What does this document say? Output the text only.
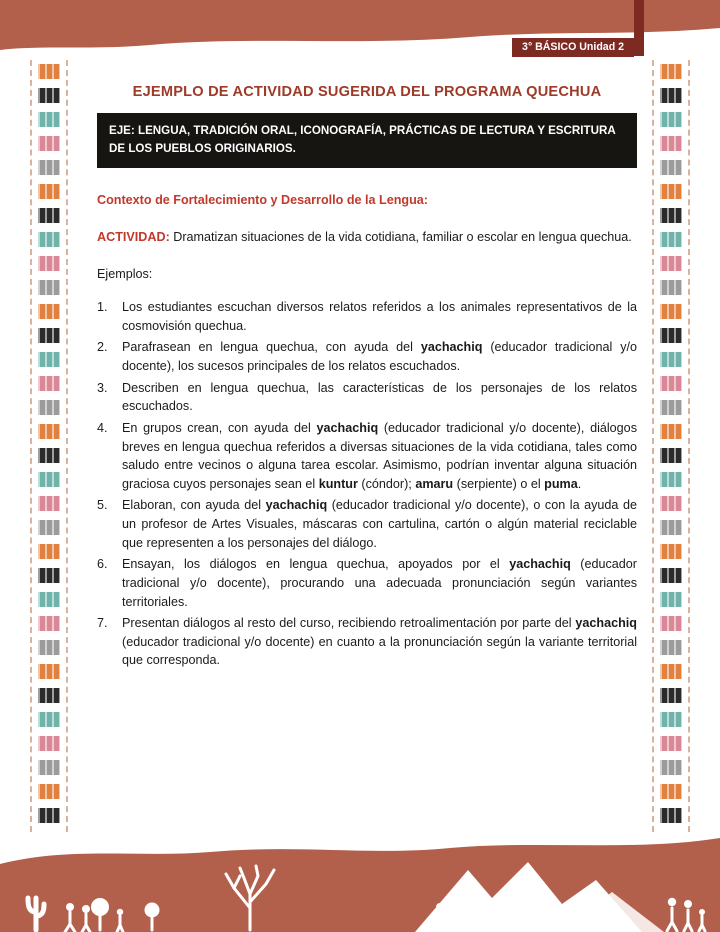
3° BÁSICO Unidad 2
EJEMPLO DE ACTIVIDAD SUGERIDA DEL PROGRAMA QUECHUA
EJE: LENGUA, TRADICIÓN ORAL, ICONOGRAFÍA, PRÁCTICAS DE LECTURA Y ESCRITURA DE LOS PUEBLOS ORIGINARIOS.

Contexto de Fortalecimiento y Desarrollo de la Lengua:

ACTIVIDAD: Dramatizan situaciones de la vida cotidiana, familiar o escolar en lengua quechua.

Ejemplos:

1. Los estudiantes escuchan diversos relatos referidos a los animales representativos de la cosmovisión quechua.
2. Parafrasean en lengua quechua, con ayuda del yachachiq (educador tradicional y/o docente), los sucesos principales de los relatos escuchados.
3. Describen en lengua quechua, las características de los personajes de los relatos escuchados.
4. En grupos crean, con ayuda del yachachiq (educador tradicional y/o docente), diálogos breves en lengua quechua referidos a diversas situaciones de la vida cotidiana, tales como saludo entre vecinos o alguna tarea escolar. Asimismo, podrían inventar alguna situación graciosa cuyos personajes sean el kuntur (cóndor); amaru (serpiente) o el puma.
5. Elaboran, con ayuda del yachachiq (educador tradicional y/o docente), o con la ayuda de un profesor de Artes Visuales, máscaras con cartulina, cartón o algún material reciclable que representen a los personajes del diálogo.
6. Ensayan, los diálogos en lengua quechua, apoyados por el yachachiq (educador tradicional y/o docente), procurando una adecuada pronunciación según variantes territoriales.
7. Presentan diálogos al resto del curso, recibiendo retroalimentación por parte del yachachiq (educador tradicional y/o docente) en cuanto a la pronunciación según la variante territorial que corresponda.
